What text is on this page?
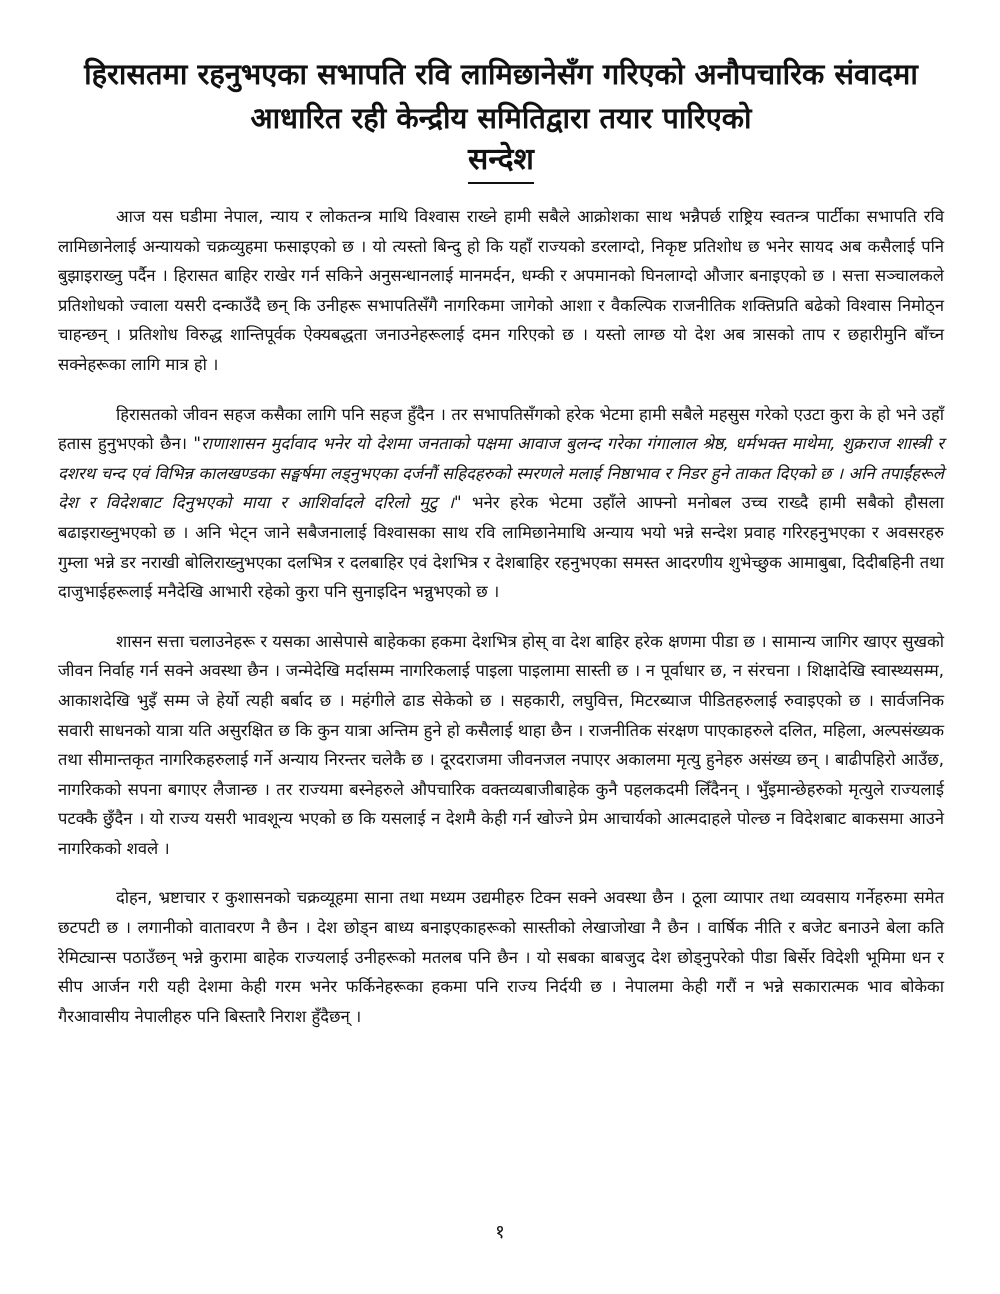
हिरासतमा रहनुभएका सभापति रवि लामिछानेसँग गरिएको अनौपचारिक संवादमा
आधारित रही केन्द्रीय समितिद्वारा तयार पारिएको
सन्देश

आज यस घडीमा नेपाल, न्याय र लोकतन्त्र माथि विश्वास राख्ने हामी सबैले आक्रोशका साथ भन्नैपर्छ राष्ट्रिय स्वतन्त्र पार्टीका सभापति रवि लामिछानेलाई अन्यायको चक्रव्युहमा फसाइएको छ । यो त्यस्तो बिन्दु हो कि यहाँ राज्यको डरलाग्दो, निकृष्ट प्रतिशोध छ भनेर सायद अब कसैलाई पनि बुझाइराख्नु पर्दैन । हिरासत बाहिर राखेर गर्न सकिने अनुसन्धानलाई मानमर्दन, धम्की र अपमानको घिनलाग्दो औजार बनाइएको छ । सत्ता सञ्चालकले प्रतिशोधको ज्वाला यसरी दन्काउँदै छन् कि उनीहरू सभापतिसँगै नागरिकमा जागेको आशा र वैकल्पिक राजनीतिक शक्तिप्रति बढेको विश्वास निमोठ्न चाहन्छन् । प्रतिशोध विरुद्ध शान्तिपूर्वक ऐक्यबद्धता जनाउनेहरूलाई दमन गरिएको छ । यस्तो लाग्छ यो देश अब त्रासको ताप र छहारीमुनि बाँच्न सक्नेहरूका लागि मात्र हो ।

हिरासतको जीवन सहज कसैका लागि पनि सहज हुँदैन । तर सभापतिसँगको हरेक भेटमा हामी सबैले महसुस गरेको एउटा कुरा के हो भने उहाँ हतास हुनुभएको छैन। "राणाशासन मुर्दावाद भनेर यो देशमा जनताको पक्षमा आवाज बुलन्द गरेका गंगालाल श्रेष्ठ, धर्मभक्त माथेमा, शुक्रराज शास्त्री र दशरथ चन्द एवं विभिन्न कालखण्डका सङ्घर्षमा लड्नुभएका दर्जनौं सहिदहरुको स्मरणले मलाई निष्ठाभाव र निडर हुने ताकत दिएको छ । अनि तपाईंहरूले देश र विदेशबाट दिनुभएको माया र आशिर्वादले दरिलो मुटु ।" भनेर हरेक भेटमा उहाँले आफ्नो मनोबल उच्च राख्दै हामी सबैको हौसला बढाइराख्नुभएको छ । अनि भेट्न जाने सबैजनालाई विश्वासका साथ रवि लामिछानेमाथि अन्याय भयो भन्ने सन्देश प्रवाह गरिरहनुभएका र अवसरहरु गुम्ला भन्ने डर नराखी बोलिराख्नुभएका दलभित्र र दलबाहिर एवं देशभित्र र देशबाहिर रहनुभएका समस्त आदरणीय शुभेच्छुक आमाबुबा, दिदीबहिनी तथा दाजुभाईहरूलाई मनैदेखि आभारी रहेको कुरा पनि सुनाइदिन भन्नुभएको छ ।

शासन सत्ता चलाउनेहरू र यसका आसेपासे बाहेकका हकमा देशभित्र होस् वा देश बाहिर हरेक क्षणमा पीडा छ । सामान्य जागिर खाएर सुखको जीवन निर्वाह गर्न सक्ने अवस्था छैन । जन्मेदेखि मर्दासम्म नागरिकलाई पाइला पाइलामा सास्ती छ । न पूर्वाधार छ, न संरचना । शिक्षादेखि स्वास्थ्यसम्म, आकाशदेखि भुइँ सम्म जे हेर्यो त्यही बर्बाद छ । महंगीले ढाड सेकेको छ । सहकारी, लघुवित्त, मिटरब्याज पीडितहरुलाई रुवाइएको छ । सार्वजनिक सवारी साधनको यात्रा यति असुरक्षित छ कि कुन यात्रा अन्तिम हुने हो कसैलाई थाहा छैन । राजनीतिक संरक्षण पाएकाहरुले दलित, महिला, अल्पसंख्यक तथा सीमान्तकृत नागरिकहरुलाई गर्ने अन्याय निरन्तर चलेकै छ । दूरदराजमा जीवनजल नपाएर अकालमा मृत्यु हुनेहरु असंख्य छन् । बाढीपहिरो आउँछ, नागरिकको सपना बगाएर लैजान्छ । तर राज्यमा बस्नेहरुले औपचारिक वक्तव्यबाजीबाहेक कुनै पहलकदमी लिँदैनन् । भुँइमान्छेहरुको मृत्युले राज्यलाई पटक्कै छुँदैन । यो राज्य यसरी भावशून्य भएको छ कि यसलाई न देशमै केही गर्न खोज्ने प्रेम आचार्यको आत्मदाहले पोल्छ न विदेशबाट बाकसमा आउने नागरिकको शवले ।

दोहन, भ्रष्टाचार र कुशासनको चक्रव्यूहमा साना तथा मध्यम उद्यमीहरु टिक्न सक्ने अवस्था छैन । ठूला व्यापार तथा व्यवसाय गर्नेहरुमा समेत छटपटी छ । लगानीको वातावरण नै छैन । देश छोड्न बाध्य बनाइएकाहरूको सास्तीको लेखाजोखा नै छैन । वार्षिक नीति र बजेट बनाउने बेला कति रेमिट्यान्स पठाउँछन् भन्ने कुरामा बाहेक राज्यलाई उनीहरूको मतलब पनि छैन । यो सबका बाबजुद देश छोड्नुपरेको पीडा बिर्सेर विदेशी भूमिमा धन र सीप आर्जन गरी यही देशमा केही गरम भनेर फर्किनेहरूका हकमा पनि राज्य निर्दयी छ । नेपालमा केही गरौं न भन्ने सकारात्मक भाव बोकेका गैरआवासीय नेपालीहरु पनि बिस्तारै निराश हुँदैछन् ।

१
